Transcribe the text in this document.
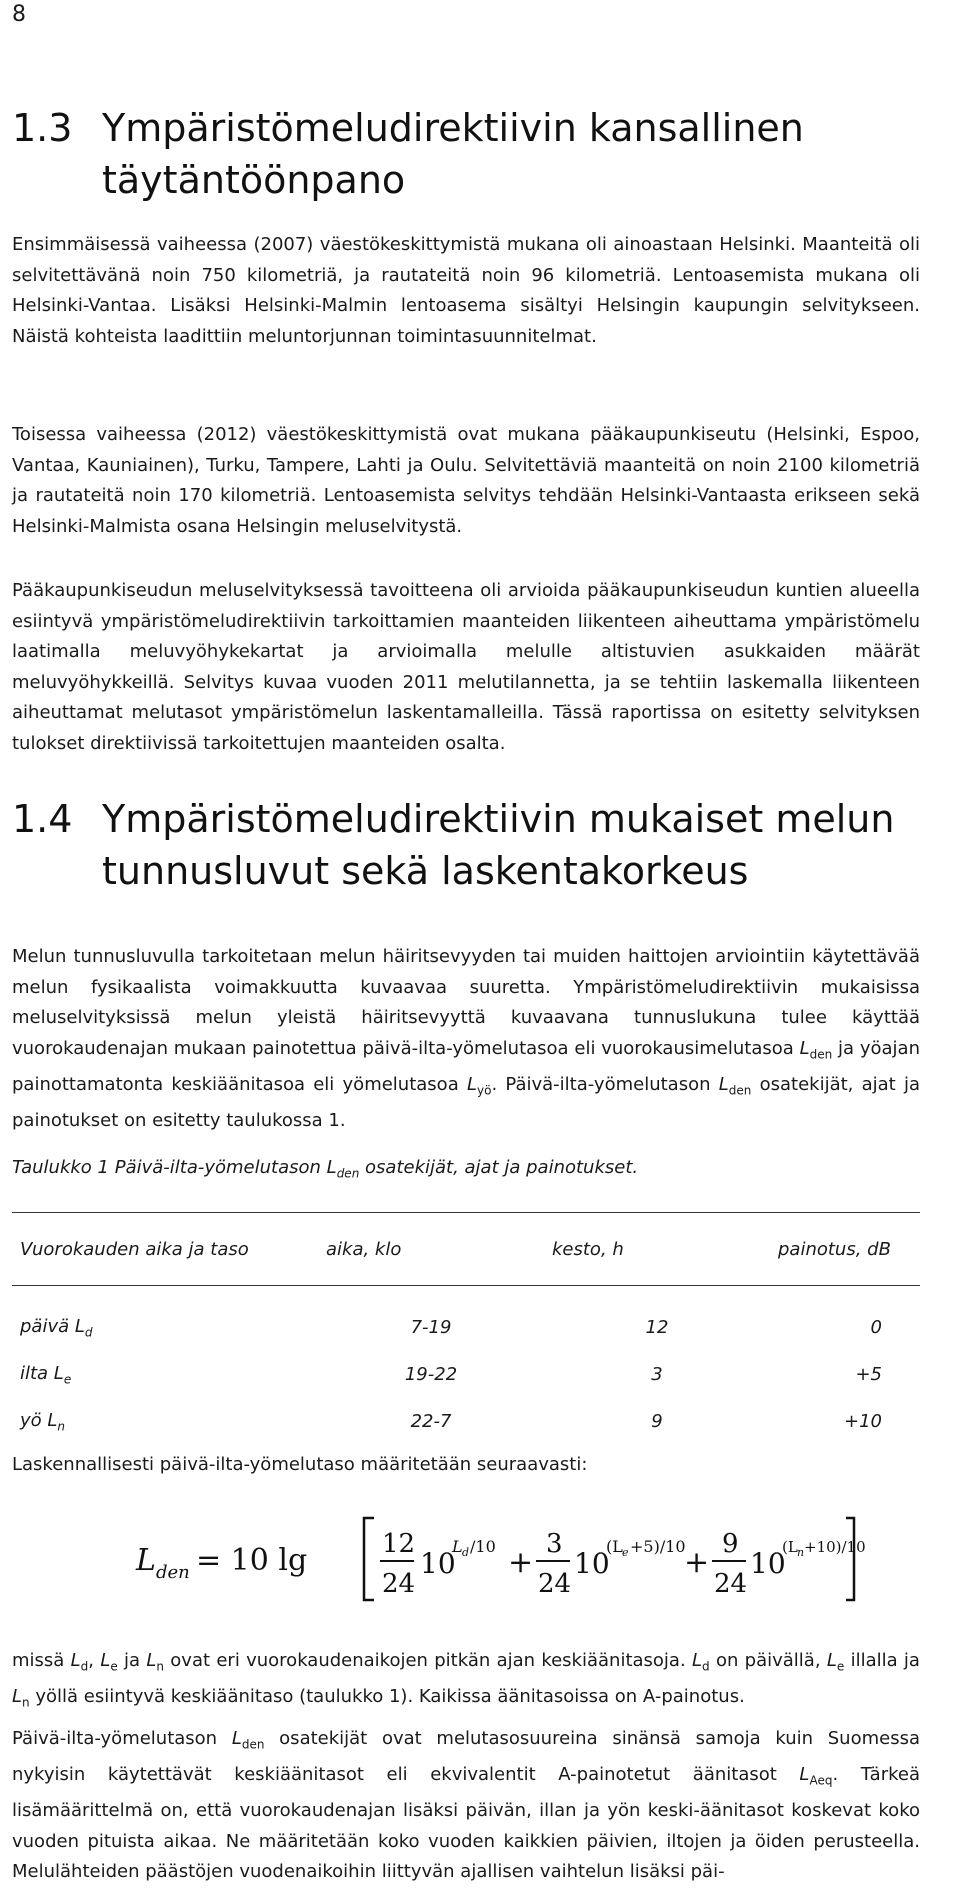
8
1.3 Ympäristömeludirektiivin kansallinen
täytäntöönpano

Ensimmäisessä vaiheessa (2007) väestökeskittymistä mukana oli ainoastaan Helsinki. Maanteitä oli selvitettävänä noin 750 kilometriä, ja rautateitä noin 96 kilometriä. Lentoasemista mukana oli Helsinki-Vantaa. Lisäksi Helsinki-Malmin lentoasema sisältyi Helsingin kaupungin selvitykseen. Näistä kohteista laadittiin meluntorjunnan toimintasuunnitelmat.

Toisessa vaiheessa (2012) väestökeskittymistä ovat mukana pääkaupunkiseutu (Helsinki, Espoo, Vantaa, Kauniainen), Turku, Tampere, Lahti ja Oulu. Selvitettäviä maanteitä on noin 2100 kilometriä ja rautateitä noin 170 kilometriä. Lentoasemista selvitys tehdään Helsinki-Vantaasta erikseen sekä Helsinki-Malmista osana Helsingin meluselvitystä.

Pääkaupunkiseudun meluselvityksessä tavoitteena oli arvioida pääkaupunkiseudun kuntien alueella esiintyvä ympäristömeludirektiivin tarkoittamien maanteiden liikenteen aiheuttama ympäristömelu laatimalla meluvyöhykekartat ja arvioimalla melulle altistuvien asukkaiden määrät meluvyöhykkeillä. Selvitys kuvaa vuoden 2011 melutilannetta, ja se tehtiin laskemalla liikenteen aiheuttamat melutasot ympäristömelun laskentamalleilla. Tässä raportissa on esitetty selvityksen tulokset direktiivissä tarkoitettujen maanteiden osalta.

1.4 Ympäristömeludirektiivin mukaiset melun
tunnusluvut sekä laskentakorkeus

Melun tunnusluvulla tarkoitetaan melun häiritsevyyden tai muiden haittojen arviointiin käytettävää melun fysikaalista voimakkuutta kuvaavaa suuretta. Ympäristömeludirektiivin mukaisissa meluselvityksissä melun yleistä häiritsevyyttä kuvaavana tunnuslukuna tulee käyttää vuorokaudenajan mukaan painotettua päivä-ilta-yömelutasoa eli vuorokausimelutasoa $L_{den}$ ja yöajan painottamatonta keskiäänitasoa eli yömelutasoa $L_{yö}$. Päivä-ilta-yömelutason $L_{den}$ osatekijät, ajat ja painotukset on esitetty taulukossa 1.

Taulukko 1 Päivä-ilta-yömelutason $L_{den}$ osatekijät, ajat ja painotukset.

Vuorokauden aika ja taso	aika, klo	kesto, h	painotus, dB
päivä $L_d$	7-19	12	0
ilta $L_e$	19-22	3	+5
yö $L_n$	22-7	9	+10

Laskennallisesti päivä-ilta-yömelutaso määritetään seuraavasti:

L den = 10 lg	12
24
10
L d /10 +
3
24
10
(L e +5)/10
+
9
24
10
(L n +10)/10

missä $L_d$, $L_e$ ja $L_n$ ovat eri vuorokaudenaikojen pitkän ajan keskiäänitasoja. $L_d$ on päivällä, $L_e$ illalla ja $L_n$ yöllä esiintyvä keskiäänitaso (taulukko 1). Kaikissa äänitasoissa on A-painotus.

Päivä-ilta-yömelutason $L_{den}$ osatekijät ovat melutasosuureina sinänsä samoja kuin Suomessa nykyisin käytettävät keskiäänitasot eli ekvivalentit A-painotetut äänitasot $L_{Aeq}$. Tärkeä lisämäärittelmä on, että vuorokaudenajan lisäksi päivän, illan ja yön keski-äänitasot koskevat koko vuoden pituista aikaa. Ne määritetään koko vuoden kaikkien päivien, iltojen ja öiden perusteella. Melulähteiden päästöjen vuodenaikoihin liittyvän ajallisen vaihtelun lisäksi päi-
